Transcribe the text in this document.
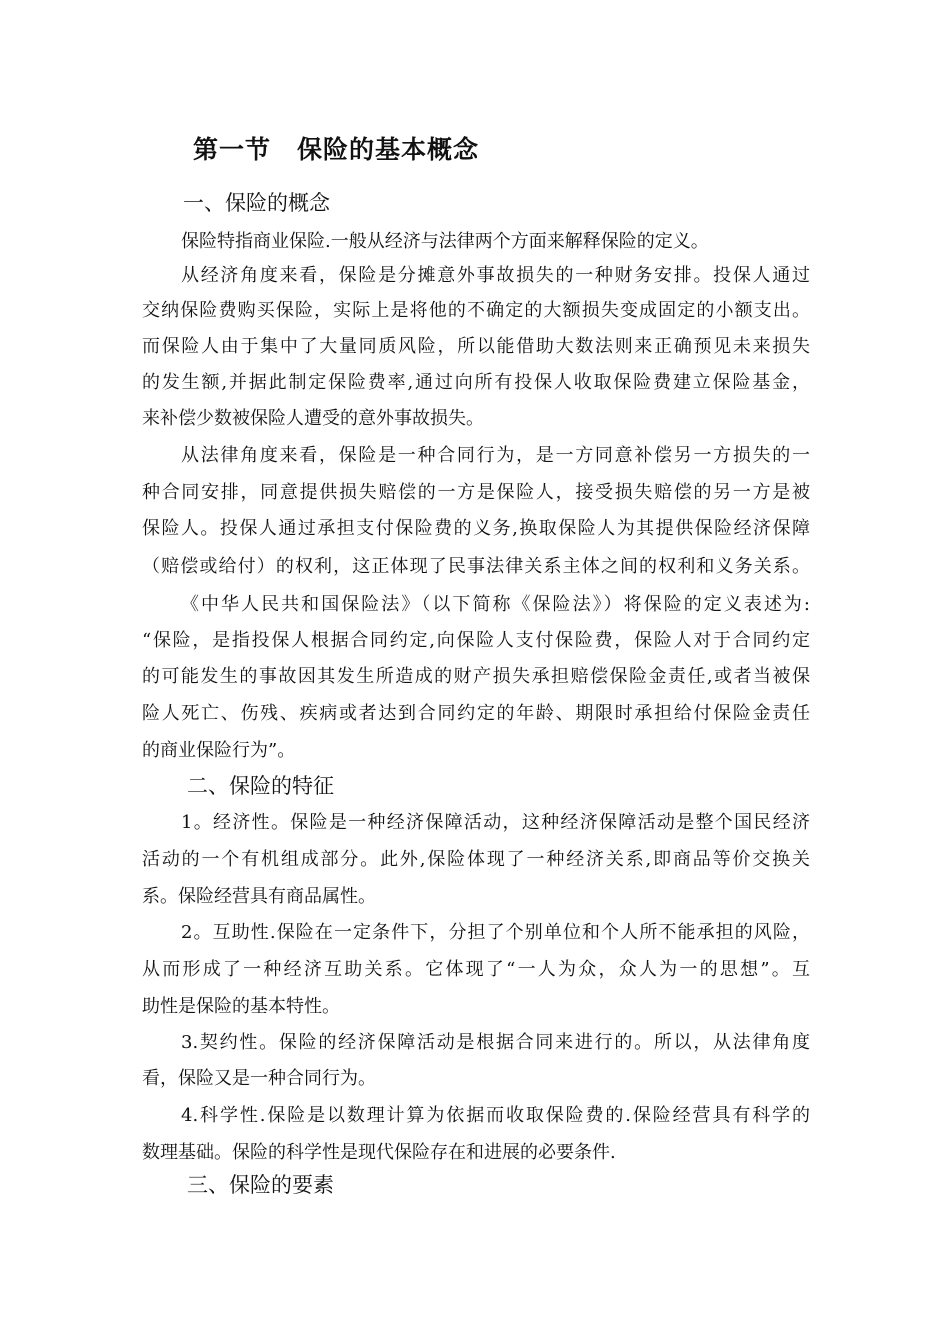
第一节 保险的基本概念
一、保险的概念
保险特指商业保险.一般从经济与法律两个方面来解释保险的定义。
从经济角度来看，保险是分摊意外事故损失的一种财务安排。投保人通过
交纳保险费购买保险，实际上是将他的不确定的大额损失变成固定的小额支出。
而保险人由于集中了大量同质风险，所以能借助大数法则来正确预见未来损失
的发生额,并据此制定保险费率,通过向所有投保人收取保险费建立保险基金，
来补偿少数被保险人遭受的意外事故损失。
从法律角度来看，保险是一种合同行为，是一方同意补偿另一方损失的一
种合同安排，同意提供损失赔偿的一方是保险人，接受损失赔偿的另一方是被
保险人。投保人通过承担支付保险费的义务,换取保险人为其提供保险经济保障
（赔偿或给付）的权利，这正体现了民事法律关系主体之间的权利和义务关系。
《中华人民共和国保险法》（以下简称《保险法》）将保险的定义表述为:
“保险，是指投保人根据合同约定,向保险人支付保险费，保险人对于合同约定
的可能发生的事故因其发生所造成的财产损失承担赔偿保险金责任,或者当被保
险人死亡、伤残、疾病或者达到合同约定的年龄、期限时承担给付保险金责任
的商业保险行为”。
二、保险的特征
1。经济性。保险是一种经济保障活动，这种经济保障活动是整个国民经济
活动的一个有机组成部分。此外,保险体现了一种经济关系,即商品等价交换关
系。保险经营具有商品属性。
2。互助性.保险在一定条件下，分担了个别单位和个人所不能承担的风险，
从而形成了一种经济互助关系。它体现了“一人为众，众人为一的思想”。互
助性是保险的基本特性。
3.契约性。保险的经济保障活动是根据合同来进行的。所以，从法律角度
看，保险又是一种合同行为。
4.科学性.保险是以数理计算为依据而收取保险费的.保险经营具有科学的
数理基础。保险的科学性是现代保险存在和进展的必要条件.
三、保险的要素
